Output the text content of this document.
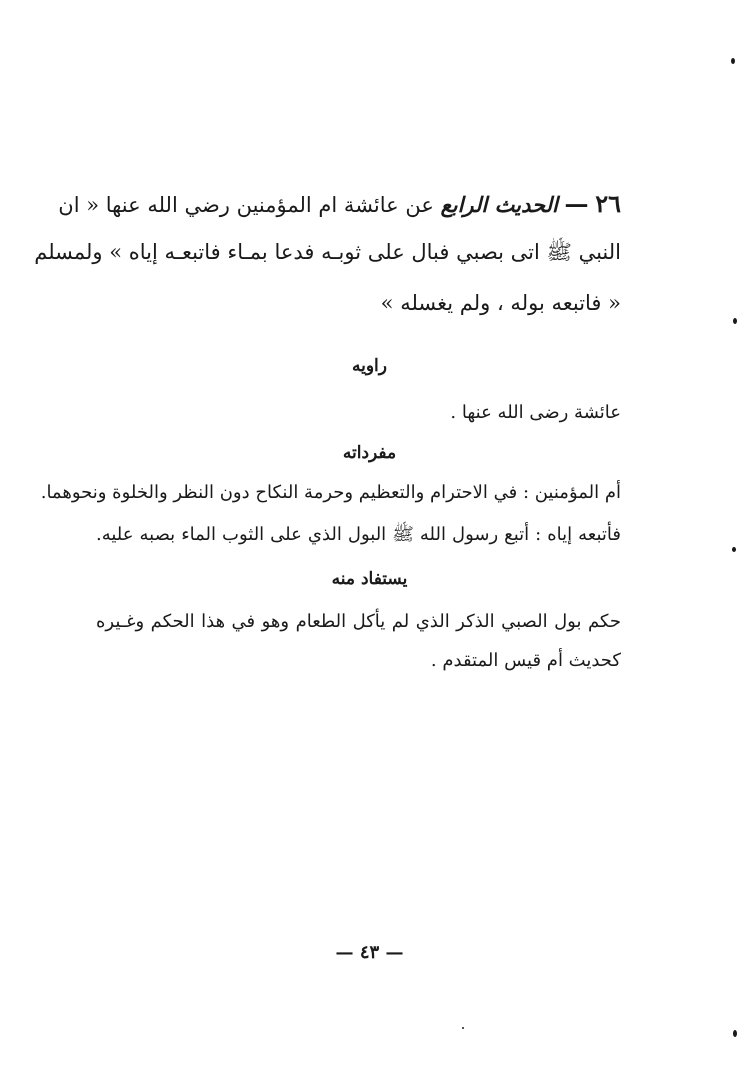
٢٦ — الحديث الرابع عن عائشة ام المؤمنين رضي الله عنها « ان
النبي ﷺ اتى بصبي فبال على ثوبـه فدعا بمـاء فاتبعـه إياه » ولمسلم
« فاتبعه بوله ، ولم يغسله »
راويه
عائشة رضى الله عنها .
مفرداته
أم المؤمنين : في الاحترام والتعظيم وحرمة النكاح دون النظر والخلوة ونحوهما.
فأتبعه إياه : أتبع رسول الله ﷺ البول الذي على الثوب الماء بصبه عليه.
يستفاد منه
حكم بول الصبي الذكر الذي لم يأكل الطعام وهو في هذا الحكم وغـيره
كحديث أم قيس المتقدم .
— ٤٣ —
